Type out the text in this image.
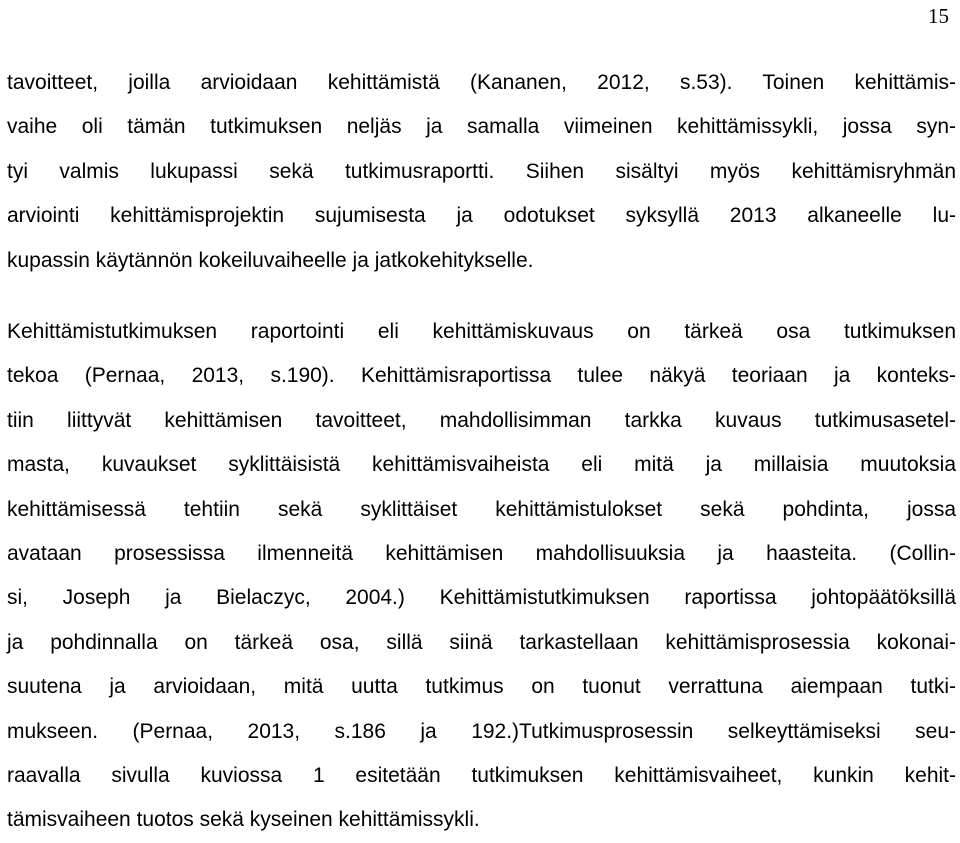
15
tavoitteet, joilla arvioidaan kehittämistä (Kananen, 2012, s.53). Toinen kehittämis-
vaihe oli tämän tutkimuksen neljäs ja samalla viimeinen kehittämissykli, jossa syn-
tyi valmis lukupassi sekä tutkimusraportti. Siihen sisältyi myös kehittämisryhmän
arviointi kehittämisprojektin sujumisesta ja odotukset syksyllä 2013 alkaneelle lu-
kupassin käytännön kokeiluvaiheelle ja jatkokehitykselle.
Kehittämistutkimuksen raportointi eli kehittämiskuvaus on tärkeä osa tutkimuksen
tekoa (Pernaa, 2013, s.190). Kehittämisraportissa tulee näkyä teoriaan ja konteks-
tiin liittyvät kehittämisen tavoitteet, mahdollisimman tarkka kuvaus tutkimusasetel-
masta, kuvaukset syklittäisistä kehittämisvaiheista eli mitä ja millaisia muutoksia
kehittämisessä tehtiin sekä syklittäiset kehittämistulokset sekä pohdinta, jossa
avataan prosessissa ilmenneitä kehittämisen mahdollisuuksia ja haasteita. (Collin-
si, Joseph ja Bielaczyc, 2004.) Kehittämistutkimuksen raportissa johtopäätöksillä
ja pohdinnalla on tärkeä osa, sillä siinä tarkastellaan kehittämisprosessia kokonai-
suutena ja arvioidaan, mitä uutta tutkimus on tuonut verrattuna aiempaan tutki-
mukseen. (Pernaa, 2013, s.186 ja 192.)Tutkimusprosessin selkeyttämiseksi seu-
raavalla sivulla kuviossa 1 esitetään tutkimuksen kehittämisvaiheet, kunkin kehit-
tämisvaiheen tuotos sekä kyseinen kehittämissykli.
